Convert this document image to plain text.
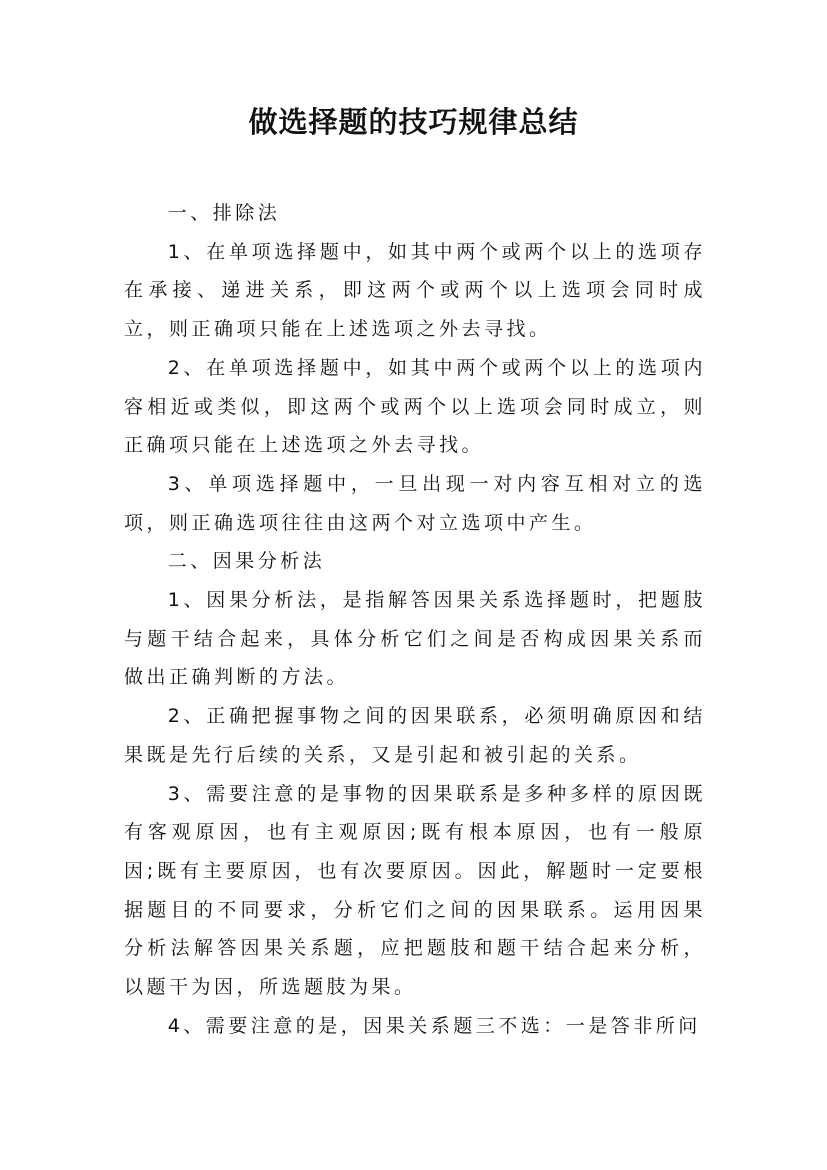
做选择题的技巧规律总结

一、排除法

1、在单项选择题中，如其中两个或两个以上的选项存在承接、递进关系，即这两个或两个以上选项会同时成立，则正确项只能在上述选项之外去寻找。

2、在单项选择题中，如其中两个或两个以上的选项内容相近或类似，即这两个或两个以上选项会同时成立，则正确项只能在上述选项之外去寻找。

3、单项选择题中，一旦出现一对内容互相对立的选项，则正确选项往往由这两个对立选项中产生。

二、因果分析法

1、因果分析法，是指解答因果关系选择题时，把题肢与题干结合起来，具体分析它们之间是否构成因果关系而做出正确判断的方法。

2、正确把握事物之间的因果联系，必须明确原因和结果既是先行后续的关系，又是引起和被引起的关系。

3、需要注意的是事物的因果联系是多种多样的原因既有客观原因，也有主观原因;既有根本原因，也有一般原因;既有主要原因，也有次要原因。因此，解题时一定要根据题目的不同要求，分析它们之间的因果联系。运用因果分析法解答因果关系题，应把题肢和题干结合起来分析，以题干为因，所选题肢为果。

4、需要注意的是，因果关系题三不选：一是答非所问
